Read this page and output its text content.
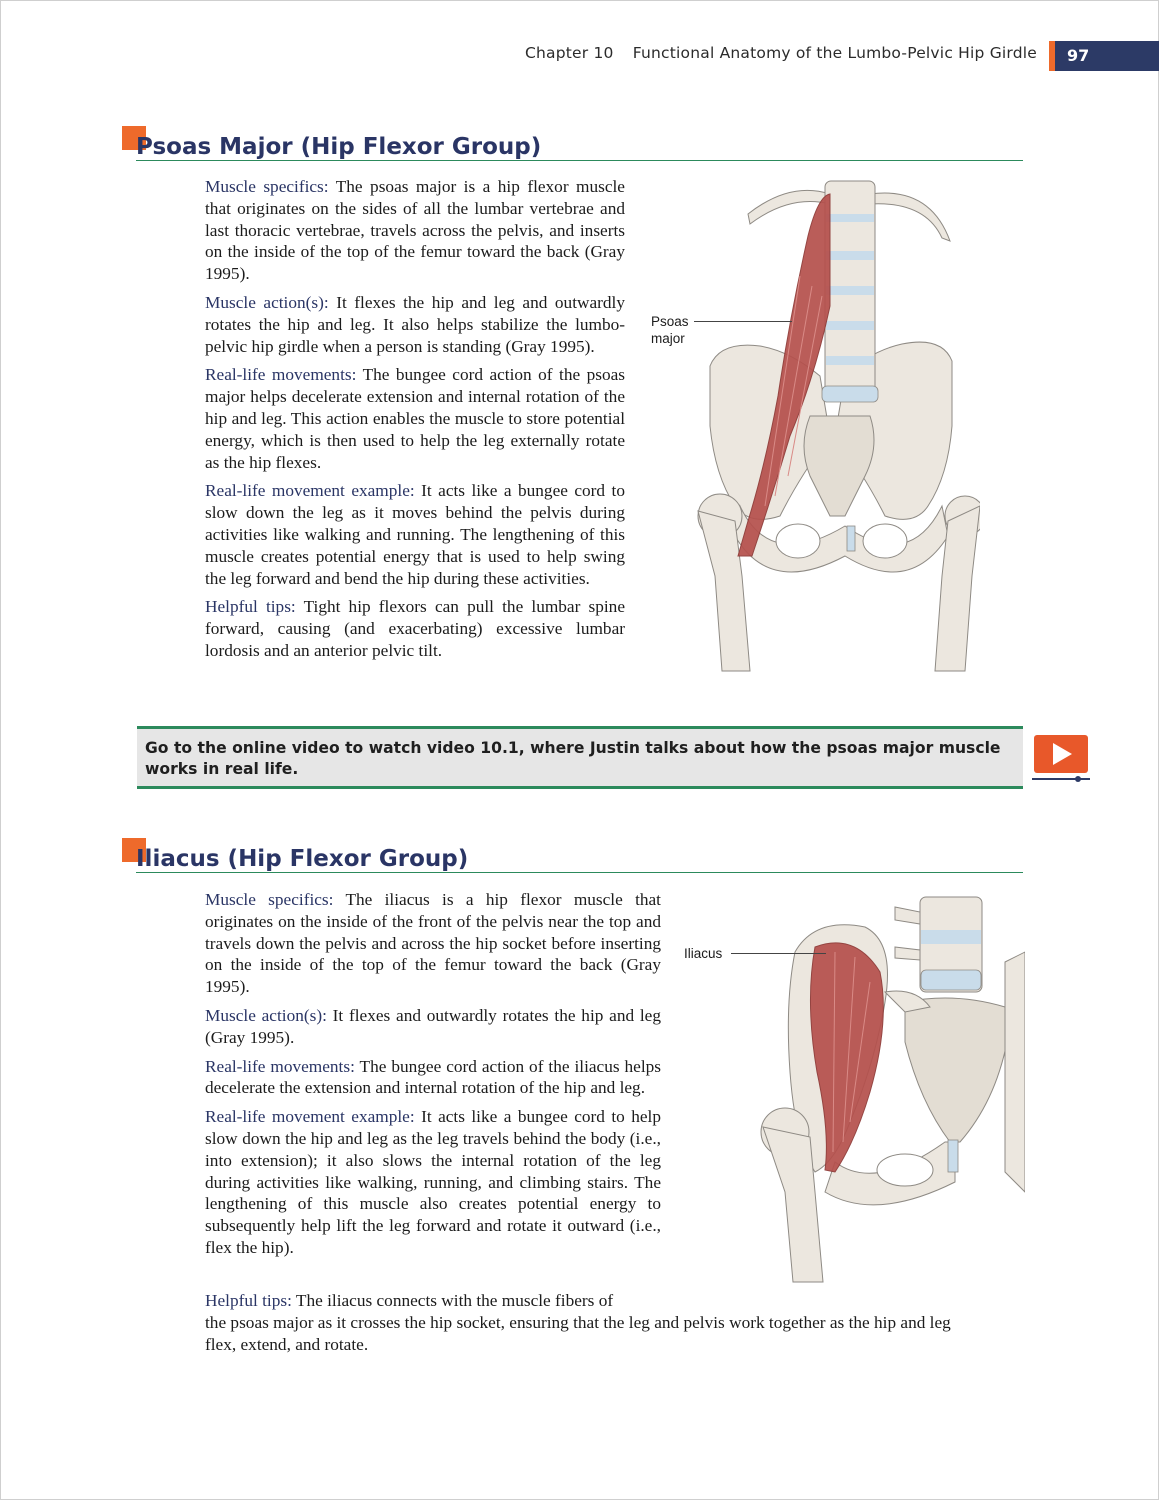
Chapter 10 Functional Anatomy of the Lumbo-Pelvic Hip Girdle 97
Psoas Major (Hip Flexor Group)

Muscle specifics: The psoas major is a hip flexor muscle that originates on the sides of all the lumbar vertebrae and last thoracic vertebrae, travels across the pelvis, and inserts on the inside of the top of the femur toward the back (Gray 1995).

Muscle action(s): It flexes the hip and leg and outwardly rotates the hip and leg. It also helps stabilize the lumbo-pelvic hip girdle when a person is standing (Gray 1995).

Real-life movements: The bungee cord action of the psoas major helps decelerate extension and internal rotation of the hip and leg. This action enables the muscle to store potential energy, which is then used to help the leg externally rotate as the hip flexes.

Real-life movement example: It acts like a bungee cord to slow down the leg as it moves behind the pelvis during activities like walking and running. The lengthening of this muscle creates potential energy that is used to help swing the leg forward and bend the hip during these activities.

Helpful tips: Tight hip flexors can pull the lumbar spine forward, causing (and exacerbating) excessive lumbar lordosis and an anterior pelvic tilt.

Psoas
major
Go to the online video to watch video 10.1, where Justin talks about how the psoas major muscle works in real life.
Iliacus (Hip Flexor Group)

Muscle specifics: The iliacus is a hip flexor muscle that originates on the inside of the front of the pelvis near the top and travels down the pelvis and across the hip socket before inserting on the inside of the top of the femur toward the back (Gray 1995).

Muscle action(s): It flexes and outwardly rotates the hip and leg (Gray 1995).

Real-life movements: The bungee cord action of the iliacus helps decelerate the extension and internal rotation of the hip and leg.

Real-life movement example: It acts like a bungee cord to help slow down the hip and leg as the leg travels behind the body (i.e., into extension); it also slows the internal rotation of the leg during activities like walking, running, and climbing stairs. The lengthening of this muscle also creates potential energy to subsequently help lift the leg forward and rotate it outward (i.e., flex the hip).

Helpful tips: The iliacus connects with the muscle fibers of
the psoas major as it crosses the hip socket, ensuring that the leg and pelvis work together as the hip and leg flex, extend, and rotate.
Iliacus
